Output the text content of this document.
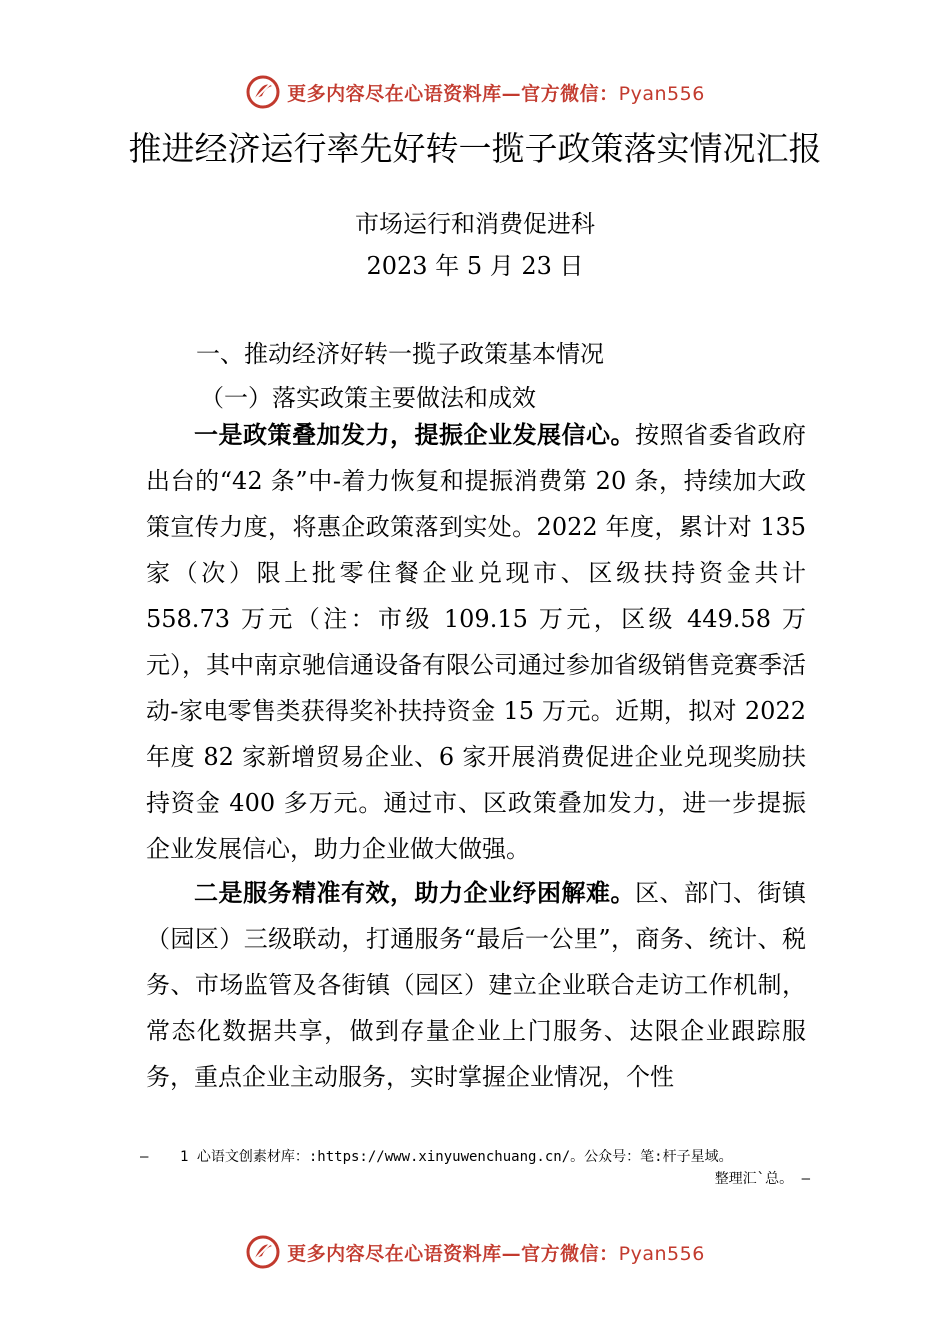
更多内容尽在心语资料库—官方微信：Pyan556
推进经济运行率先好转一揽子政策落实情况汇报
市场运行和消费促进科
2023 年 5 月 23 日
一、推动经济好转一揽子政策基本情况
（一）落实政策主要做法和成效

一是政策叠加发力，提振企业发展信心。按照省委省政府出台的“42 条”中-着力恢复和提振消费第 20 条，持续加大政策宣传力度，将惠企政策落到实处。2022 年度，累计对 135 家（次）限上批零住餐企业兑现市、区级扶持资金共计 558.73 万元（注：市级 109.15 万元，区级 449.58 万元），其中南京驰信通设备有限公司通过参加省级销售竞赛季活动-家电零售类获得奖补扶持资金 15 万元。近期，拟对 2022 年度 82 家新增贸易企业、6 家开展消费促进企业兑现奖励扶持资金 400 多万元。通过市、区政策叠加发力，进一步提振企业发展信心，助力企业做大做强。

二是服务精准有效，助力企业纾困解难。区、部门、街镇（园区）三级联动，打通服务“最后一公里”，商务、统计、税务、市场监管及各街镇（园区）建立企业联合走访工作机制，常态化数据共享，做到存量企业上门服务、达限企业跟踪服务，重点企业主动服务，实时掌握企业情况，个性

—	1 心语文创素材库：:https://www.xinyuwenchuang.cn/。公众号：笔:杆子星域。
整理汇`总。 —
更多内容尽在心语资料库—官方微信：Pyan556
